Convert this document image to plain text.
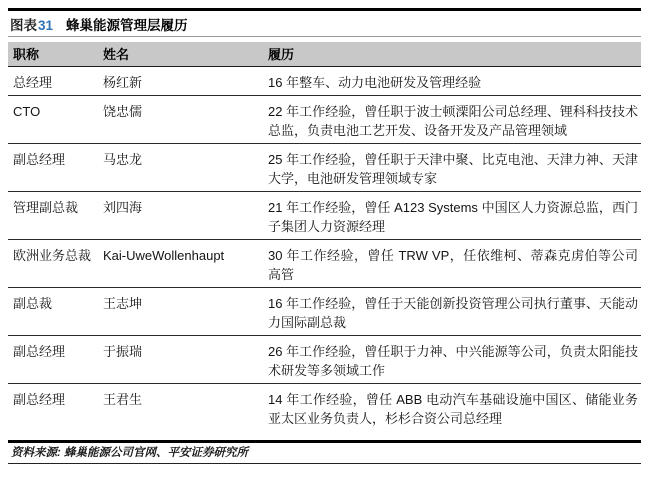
图表 31 蜂巢能源管理层履历
职称	姓名	履历
总经理	杨红新	16 年整车、动力电池研发及管理经验
CTO	饶忠儒	22 年工作经验，曾任职于波士顿溧阳公司总经理、锂科科技技术总监，负责电池工艺开发、设备开发及产品管理领域
副总经理	马忠龙	25 年工作经验，曾任职于天津中聚、比克电池、天津力神、天津大学，电池研发管理领域专家
管理副总裁	刘四海	21 年工作经验，曾任 A123 Systems 中国区人力资源总监，西门子集团人力资源经理
欧洲业务总裁	Kai-UweWollenhaupt	30 年工作经验，曾任 TRW VP，任依维柯、蒂森克虏伯等公司高管
副总裁	王志坤	16 年工作经验，曾任于天能创新投资管理公司执行董事、天能动力国际副总裁
副总经理	于振瑞	26 年工作经验，曾任职于力神、中兴能源等公司，负责太阳能技术研发等多领域工作
副总经理	王君生	14 年工作经验，曾任 ABB 电动汽车基础设施中国区、储能业务亚太区业务负责人，杉杉合资公司总经理
资料来源: 蜂巢能源公司官网、平安证券研究所
